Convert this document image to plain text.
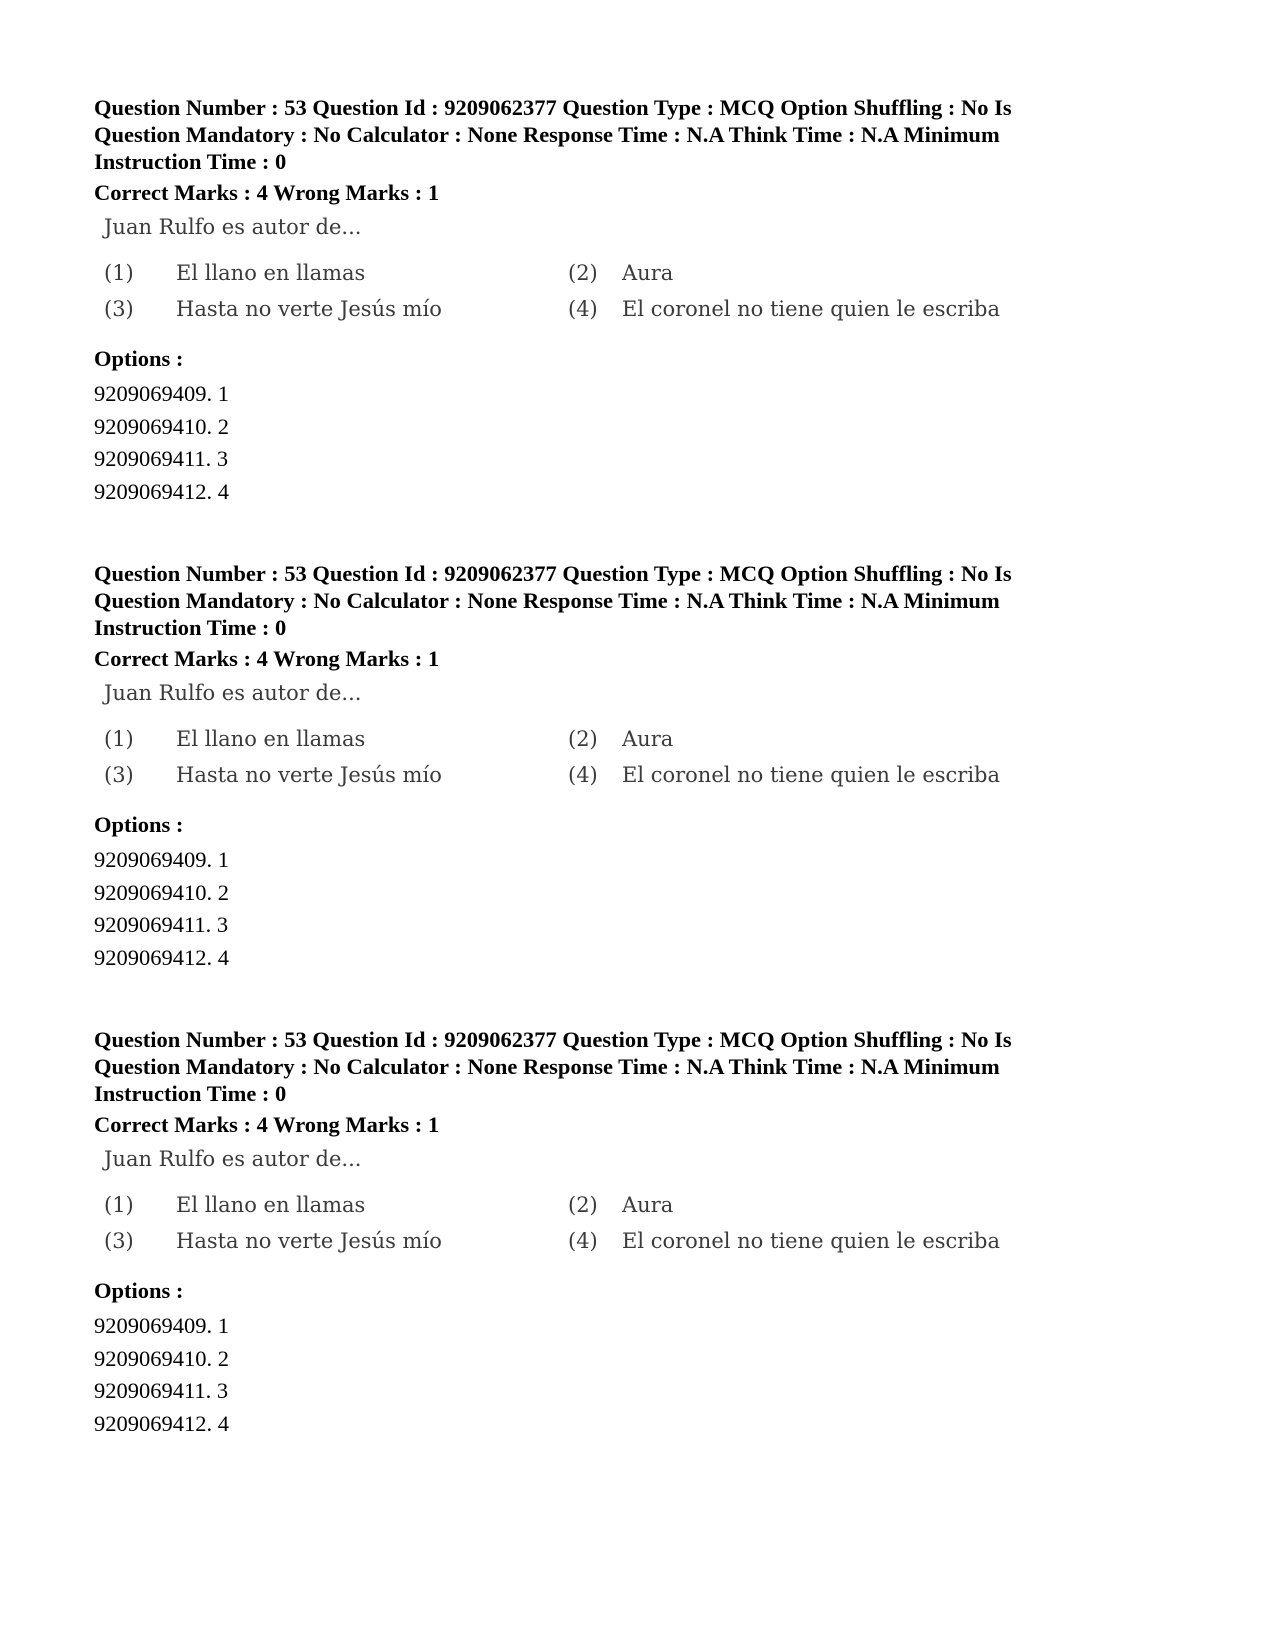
Question Number : 53 Question Id : 9209062377 Question Type : MCQ Option Shuffling : No Is Question Mandatory : No Calculator : None Response Time : N.A Think Time : N.A Minimum Instruction Time : 0

Correct Marks : 4 Wrong Marks : 1
Juan Rulfo es autor de...
(1) El llano en llamas	(2) Aura
(3) Hasta no verte Jesús mío	(4) El coronel no tiene quien le escriba
Options :
9209069409. 1
9209069410. 2
9209069411. 3
9209069412. 4

Question Number : 53 Question Id : 9209062377 Question Type : MCQ Option Shuffling : No Is Question Mandatory : No Calculator : None Response Time : N.A Think Time : N.A Minimum Instruction Time : 0

Correct Marks : 4 Wrong Marks : 1
Juan Rulfo es autor de...
(1) El llano en llamas	(2) Aura
(3) Hasta no verte Jesús mío	(4) El coronel no tiene quien le escriba
Options :
9209069409. 1
9209069410. 2
9209069411. 3
9209069412. 4

Question Number : 53 Question Id : 9209062377 Question Type : MCQ Option Shuffling : No Is Question Mandatory : No Calculator : None Response Time : N.A Think Time : N.A Minimum Instruction Time : 0

Correct Marks : 4 Wrong Marks : 1
Juan Rulfo es autor de...
(1) El llano en llamas	(2) Aura
(3) Hasta no verte Jesús mío	(4) El coronel no tiene quien le escriba
Options :
9209069409. 1
9209069410. 2
9209069411. 3
9209069412. 4
